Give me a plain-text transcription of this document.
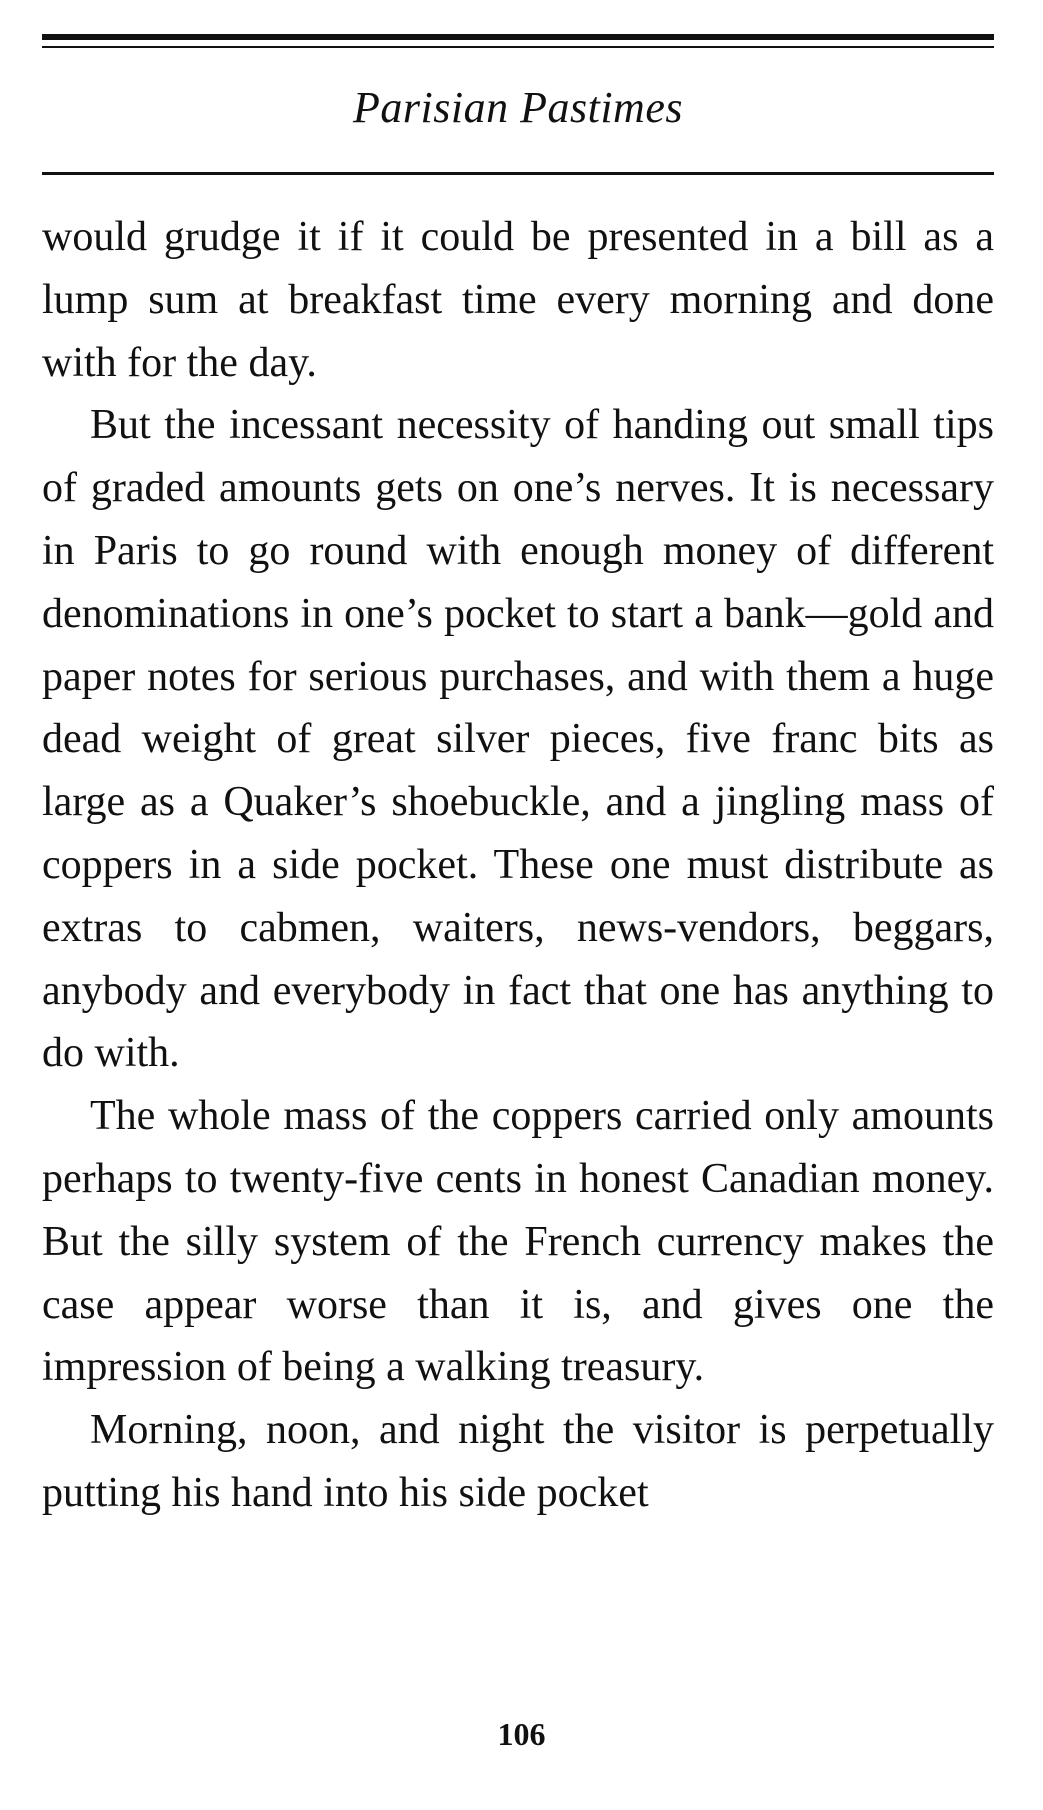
Parisian Pastimes

would grudge it if it could be presented in a bill as a lump sum at breakfast time every morning and done with for the day.

But the incessant necessity of handing out small tips of graded amounts gets on one’s nerves. It is necessary in Paris to go round with enough money of different denominations in one’s pocket to start a bank—gold and paper notes for serious purchases, and with them a huge dead weight of great silver pieces, five franc bits as large as a Quaker’s shoebuckle, and a jingling mass of coppers in a side pocket. These one must distribute as extras to cabmen, waiters, news-vendors, beggars, anybody and everybody in fact that one has anything to do with.

The whole mass of the coppers carried only amounts perhaps to twenty-five cents in honest Canadian money. But the silly system of the French currency makes the case appear worse than it is, and gives one the impression of being a walking treasury.

Morning, noon, and night the visitor is perpetually putting his hand into his side pocket

106
